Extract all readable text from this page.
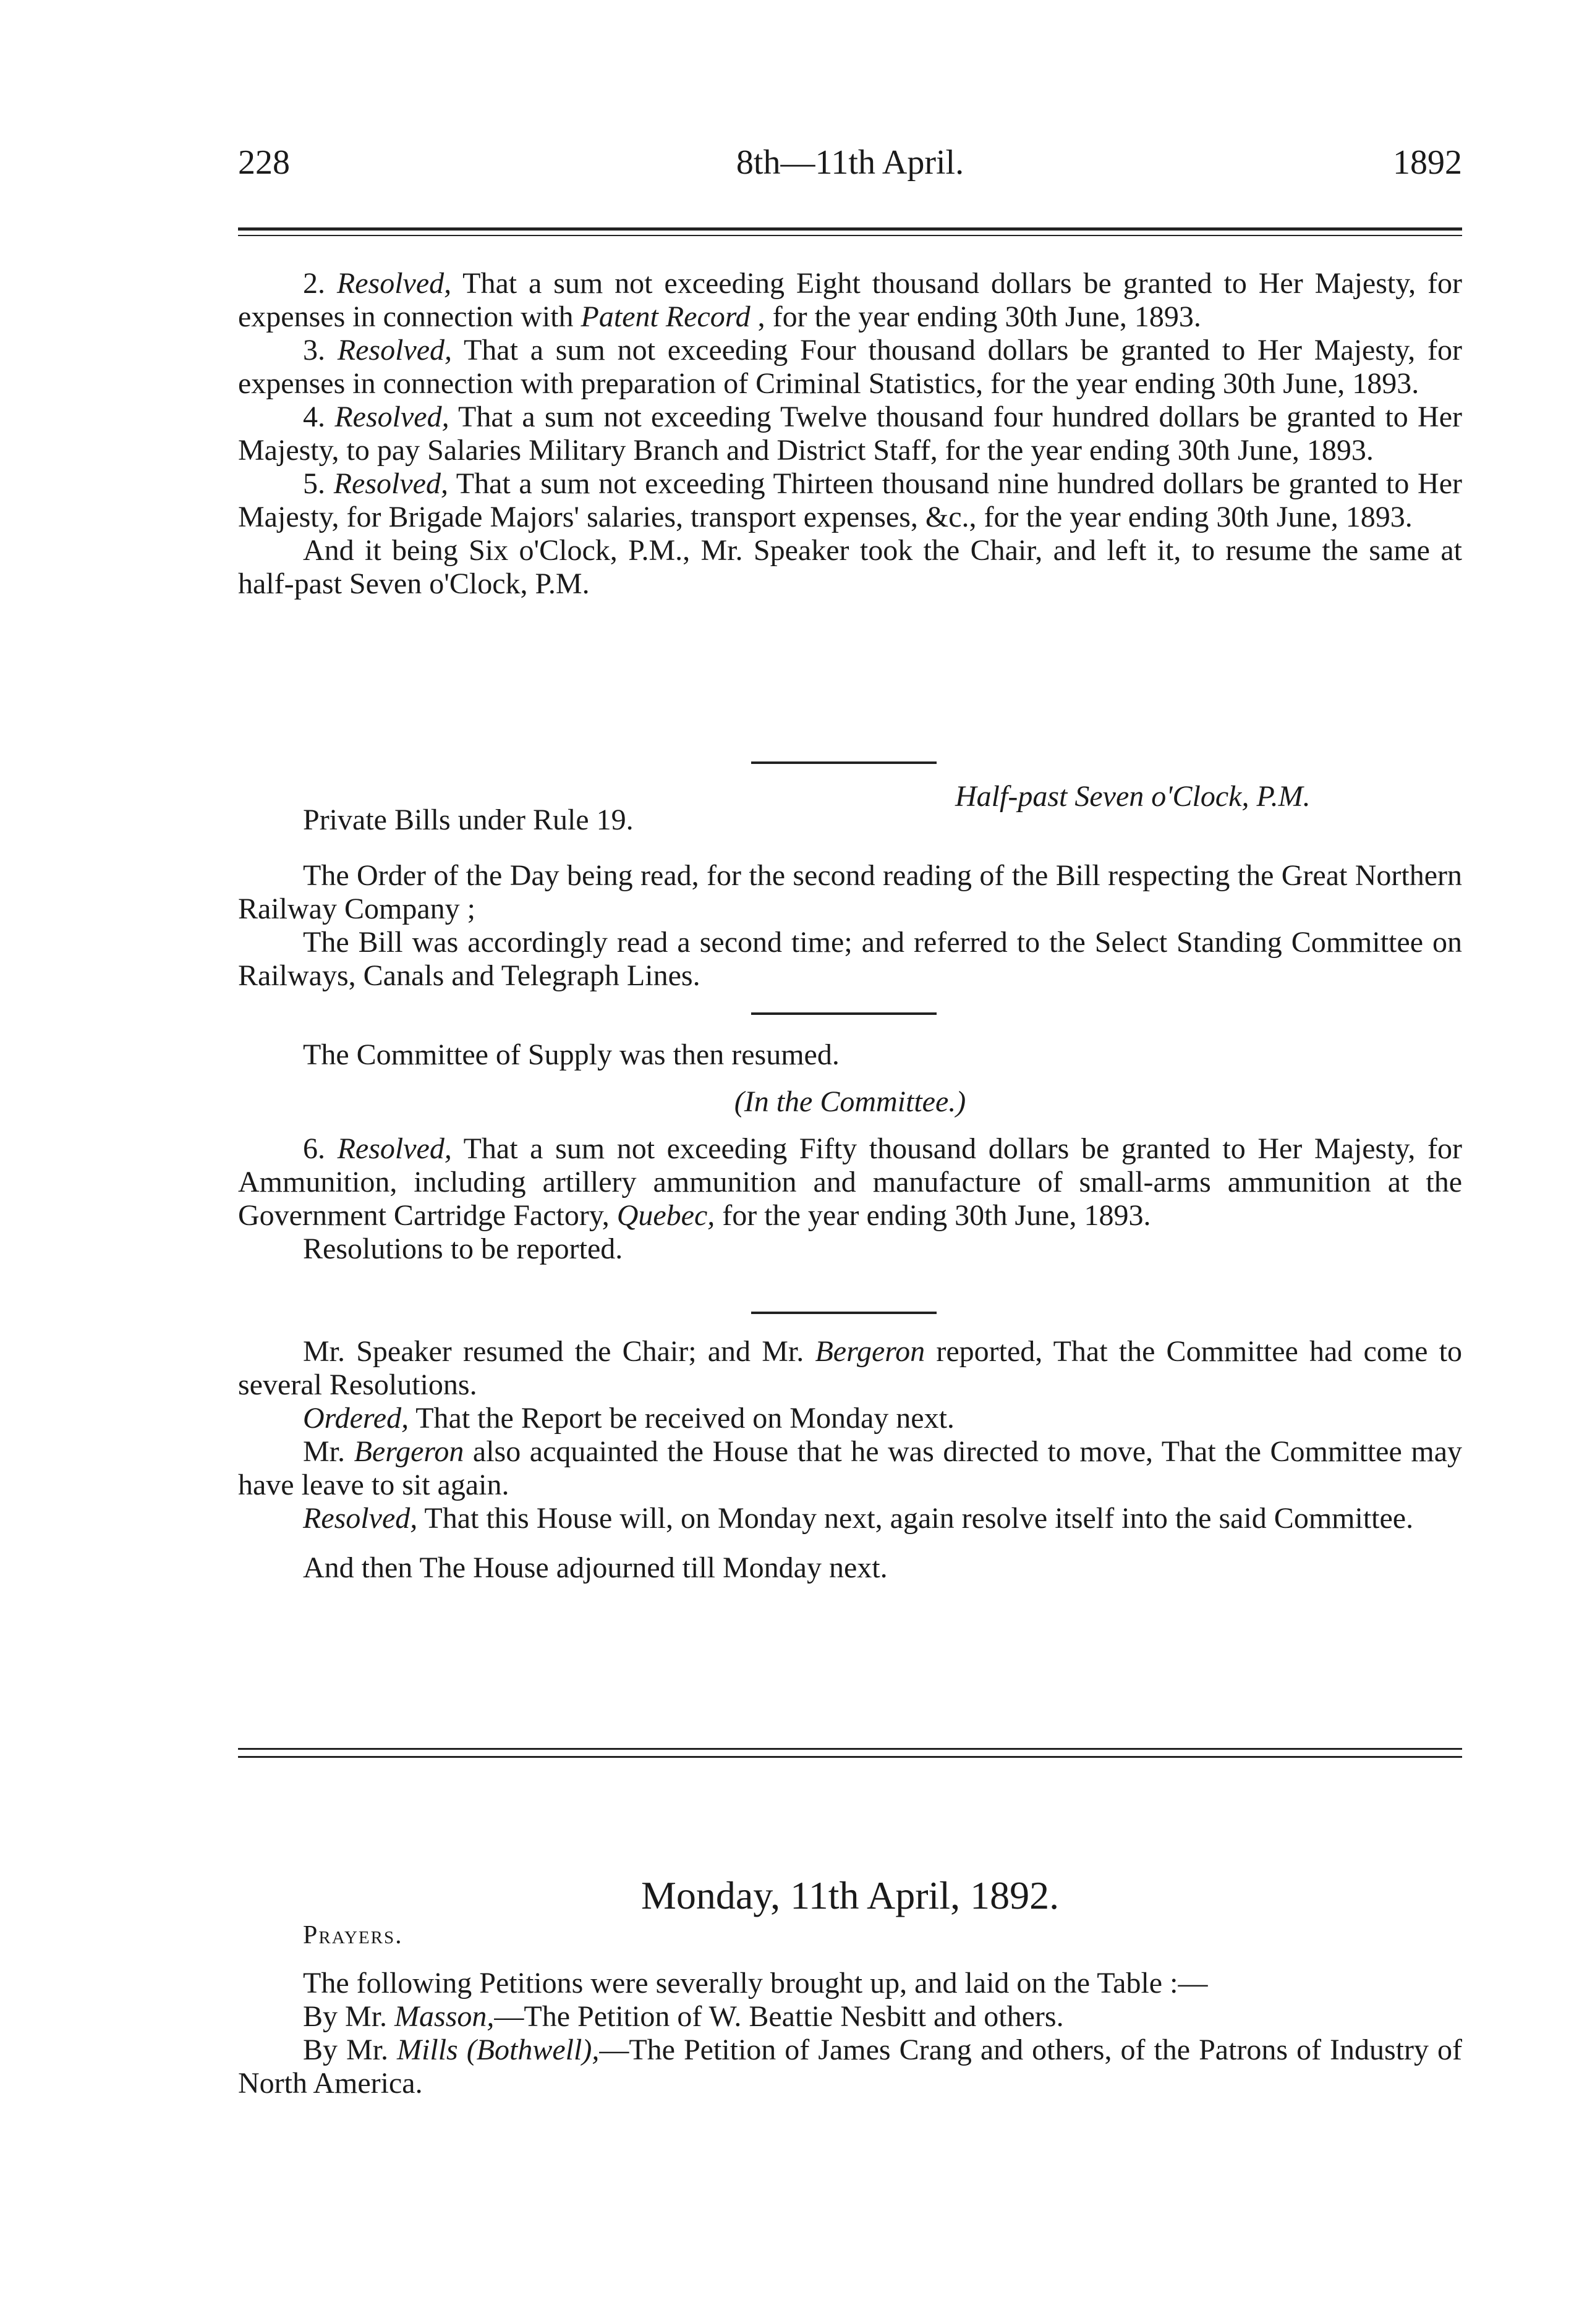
228	8th—11th April.	1892

2. Resolved, That a sum not exceeding Eight thousand dollars be granted to Her Majesty, for expenses in connection with Patent Record , for the year ending 30th June, 1893.

3. Resolved, That a sum not exceeding Four thousand dollars be granted to Her Majesty, for expenses in connection with preparation of Criminal Statistics, for the year ending 30th June, 1893.

4. Resolved, That a sum not exceeding Twelve thousand four hundred dollars be granted to Her Majesty, to pay Salaries Military Branch and District Staff, for the year ending 30th June, 1893.

5. Resolved, That a sum not exceeding Thirteen thousand nine hundred dollars be granted to Her Majesty, for Brigade Majors' salaries, transport expenses, &c., for the year ending 30th June, 1893.

And it being Six o'Clock, P.M., Mr. Speaker took the Chair, and left it, to resume the same at half-past Seven o'Clock, P.M.

Half-past Seven o'Clock, P.M.

Private Bills under Rule 19.

The Order of the Day being read, for the second reading of the Bill respecting the Great Northern Railway Company ;

The Bill was accordingly read a second time; and referred to the Select Standing Committee on Railways, Canals and Telegraph Lines.

The Committee of Supply was then resumed.

(In the Committee.)

6. Resolved, That a sum not exceeding Fifty thousand dollars be granted to Her Majesty, for Ammunition, including artillery ammunition and manufacture of small-arms ammunition at the Government Cartridge Factory, Quebec, for the year ending 30th June, 1893.

Resolutions to be reported.

Mr. Speaker resumed the Chair; and Mr. Bergeron reported, That the Committee had come to several Resolutions.

Ordered, That the Report be received on Monday next.

Mr. Bergeron also acquainted the House that he was directed to move, That the Committee may have leave to sit again.

Resolved, That this House will, on Monday next, again resolve itself into the said Committee.

And then The House adjourned till Monday next.

Monday, 11th April, 1892.

Prayers.

The following Petitions were severally brought up, and laid on the Table :—

By Mr. Masson,—The Petition of W. Beattie Nesbitt and others.

By Mr. Mills (Bothwell),—The Petition of James Crang and others, of the Patrons of Industry of North America.
